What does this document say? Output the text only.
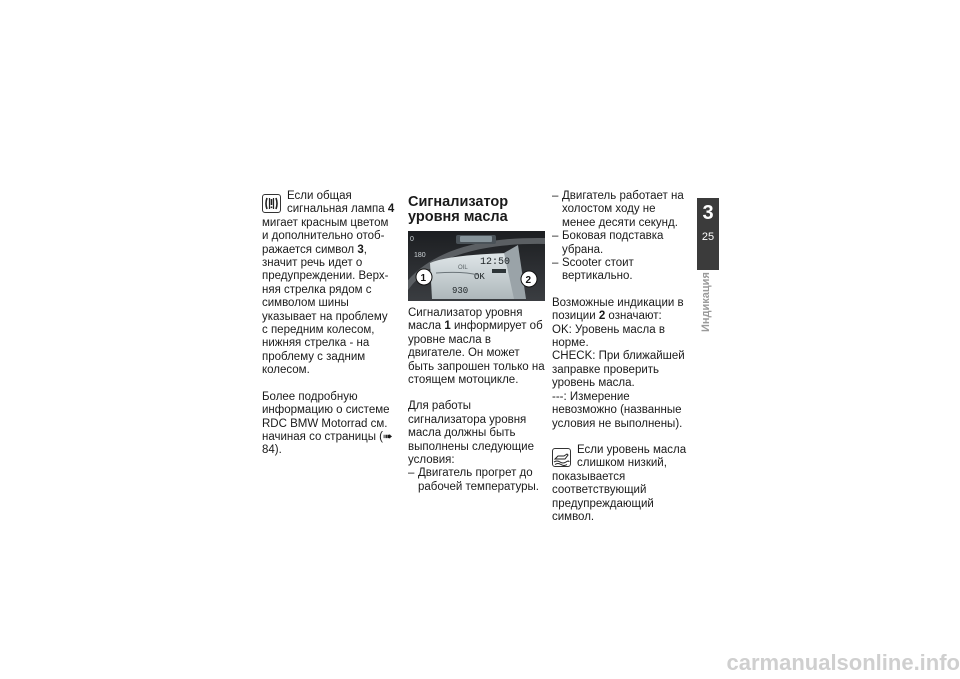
Если общая сигнальная лампа 4 мигает красным цветом и дополнительно отображается символ 3, значит речь идет о предупреждении. Верхняя стрелка рядом с символом шины указывает на проблему с передним колесом, нижняя стрелка - на проблему с задним колесом.

Более подробную информацию о системе RDC BMW Motorrad см. начиная со страницы (➠ 84).

Сигнализатор уровня масла
0
180
OIL 12:50
OK
930
1	2

Сигнализатор уровня масла 1 информирует об уровне масла в двигателе. Он может быть запрошен только на стоящем мотоцикле.

Для работы сигнализатора уровня масла должны быть выполнены следующие условия:

– Двигатель прогрет до рабочей температуры.
– Двигатель работает на холостом ходу не менее десяти секунд.
– Боковая подставка убрана.
– Scooter стоит вертикально.

Возможные индикации в позиции 2 означают:

OK: Уровень масла в норме.

CHECK: При ближайшей заправке проверить уровень масла.

---: Измерение невозможно (названные условия не выполнены).

Если уровень масла слишком низкий, показывается соответствующий предупреждающий символ.

3
25
Индикация
carmanualsonline.info
